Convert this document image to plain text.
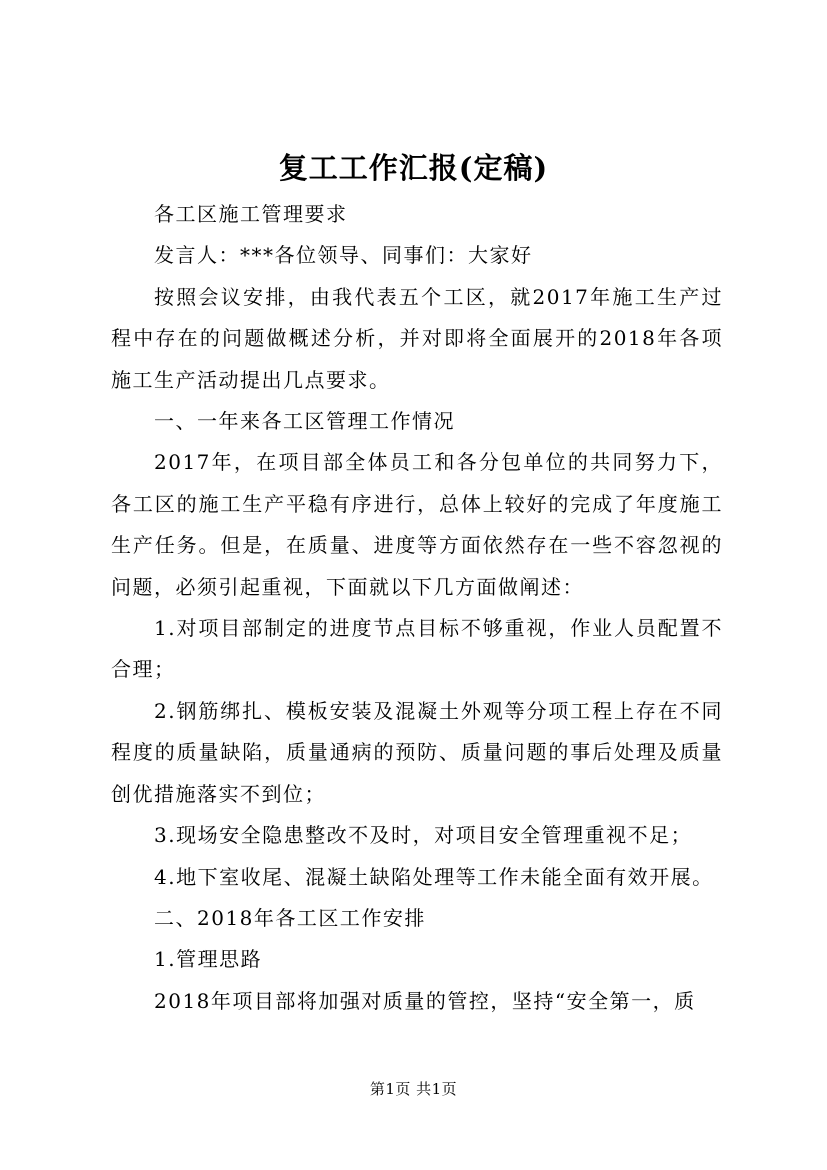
复工工作汇报(定稿)

各工区施工管理要求

发言人：***各位领导、同事们：大家好

按照会议安排，由我代表五个工区，就2017年施工生产过程中存在的问题做概述分析，并对即将全面展开的2018年各项施工生产活动提出几点要求。

一、一年来各工区管理工作情况

2017年，在项目部全体员工和各分包单位的共同努力下，各工区的施工生产平稳有序进行，总体上较好的完成了年度施工生产任务。但是，在质量、进度等方面依然存在一些不容忽视的问题，必须引起重视，下面就以下几方面做阐述：

1.对项目部制定的进度节点目标不够重视，作业人员配置不合理；

2.钢筋绑扎、模板安装及混凝土外观等分项工程上存在不同程度的质量缺陷，质量通病的预防、质量问题的事后处理及质量创优措施落实不到位；

3.现场安全隐患整改不及时，对项目安全管理重视不足；

4.地下室收尾、混凝土缺陷处理等工作未能全面有效开展。

二、2018年各工区工作安排

1.管理思路

2018年项目部将加强对质量的管控，坚持“安全第一，质

第1页 共1页
